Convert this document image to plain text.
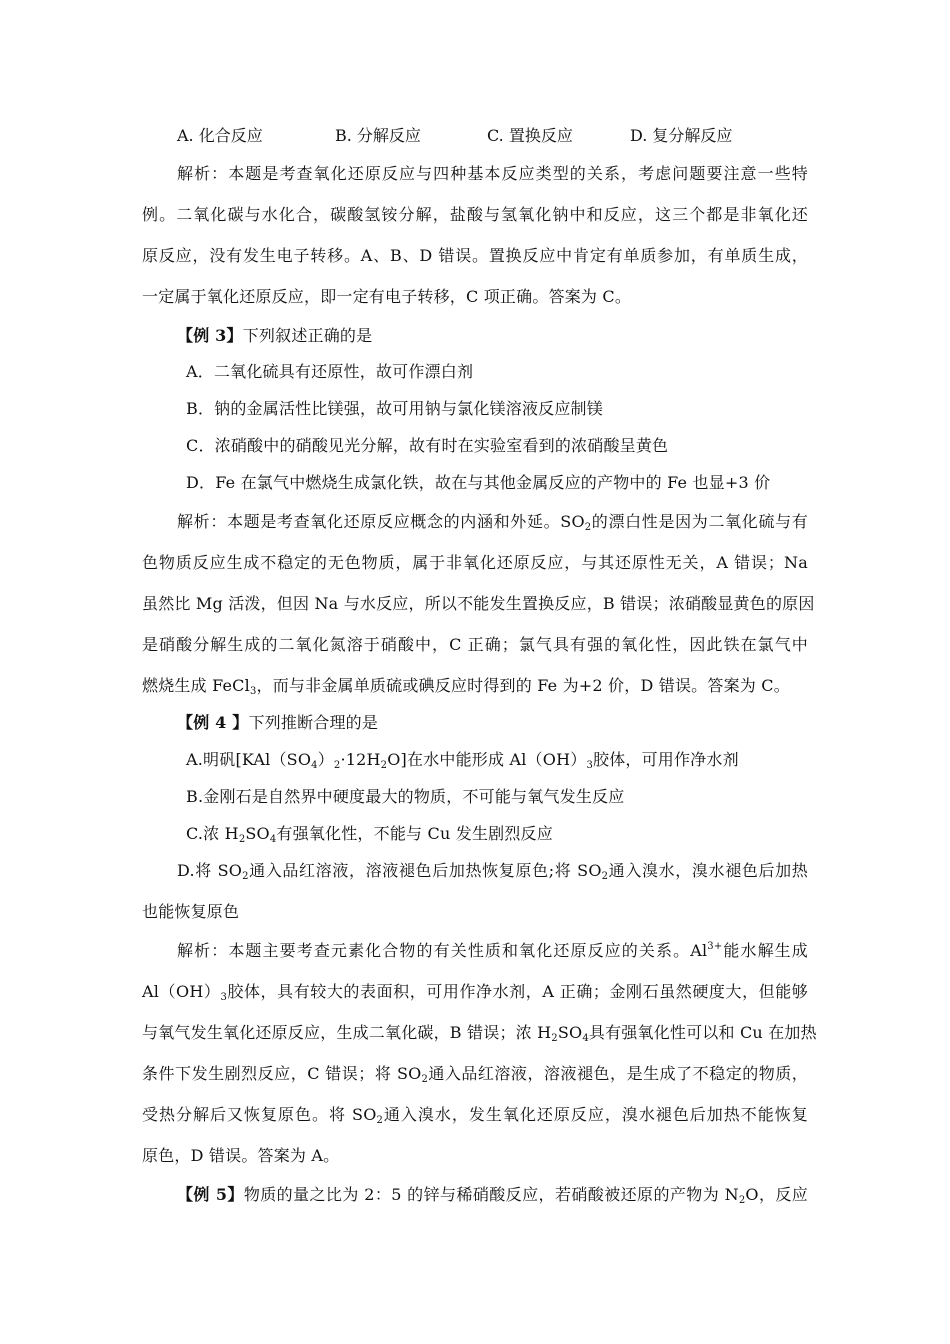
A. 化合反应	B. 分解反应	C. 置换反应	D. 复分解反应
解析：本题是考查氧化还原反应与四种基本反应类型的关系，考虑问题要注意一些特
例。二氧化碳与水化合，碳酸氢铵分解，盐酸与氢氧化钠中和反应，这三个都是非氧化还
原反应，没有发生电子转移。A、B、D 错误。置换反应中肯定有单质参加，有单质生成，
一定属于氧化还原反应，即一定有电子转移，C 项正确。答案为 C。
【例 3】下列叙述正确的是
A．二氧化硫具有还原性，故可作漂白剂
B．钠的金属活性比镁强，故可用钠与氯化镁溶液反应制镁
C．浓硝酸中的硝酸见光分解，故有时在实验室看到的浓硝酸呈黄色
D．Fe 在氯气中燃烧生成氯化铁，故在与其他金属反应的产物中的 Fe 也显+3 价
解析：本题是考查氧化还原反应概念的内涵和外延。$SO_2$的漂白性是因为二氧化硫与有
色物质反应生成不稳定的无色物质，属于非氧化还原反应，与其还原性无关，A 错误；Na
虽然比 Mg 活泼，但因 Na 与水反应，所以不能发生置换反应，B 错误；浓硝酸显黄色的原因
是硝酸分解生成的二氧化氮溶于硝酸中，C 正确；氯气具有强的氧化性，因此铁在氯气中
燃烧生成 FeCl$_3$，而与非金属单质硫或碘反应时得到的 Fe 为+2 价，D 错误。答案为 C。
【例 4 】下列推断合理的是
A.明矾$[KAl(SO_4)_2\cdot 12H_2O]$在水中能形成 $Al(OH)_3$胶体，可用作净水剂
B.金刚石是自然界中硬度最大的物质，不可能与氧气发生反应
C.浓 $H_2SO_4$有强氧化性，不能与 Cu 发生剧烈反应
D.将 $SO_2$通入品红溶液，溶液褪色后加热恢复原色;将 $SO_2$通入溴水，溴水褪色后加热
也能恢复原色
解析：本题主要考查元素化合物的有关性质和氧化还原反应的关系。$Al^{3+}$能水解生成
$Al(OH)_3$胶体，具有较大的表面积，可用作净水剂，A 正确；金刚石虽然硬度大，但能够
与氧气发生氧化还原反应，生成二氧化碳，B 错误；浓 $H_2SO_4$具有强氧化性可以和 Cu 在加热
条件下发生剧烈反应，C 错误；将 $SO_2$通入品红溶液，溶液褪色，是生成了不稳定的物质，
受热分解后又恢复原色。将 $SO_2$通入溴水，发生氧化还原反应，溴水褪色后加热不能恢复
原色，D 错误。答案为 A。
【例 5】物质的量之比为 2：5 的锌与稀硝酸反应，若硝酸被还原的产物为 $N_2O$，反应
